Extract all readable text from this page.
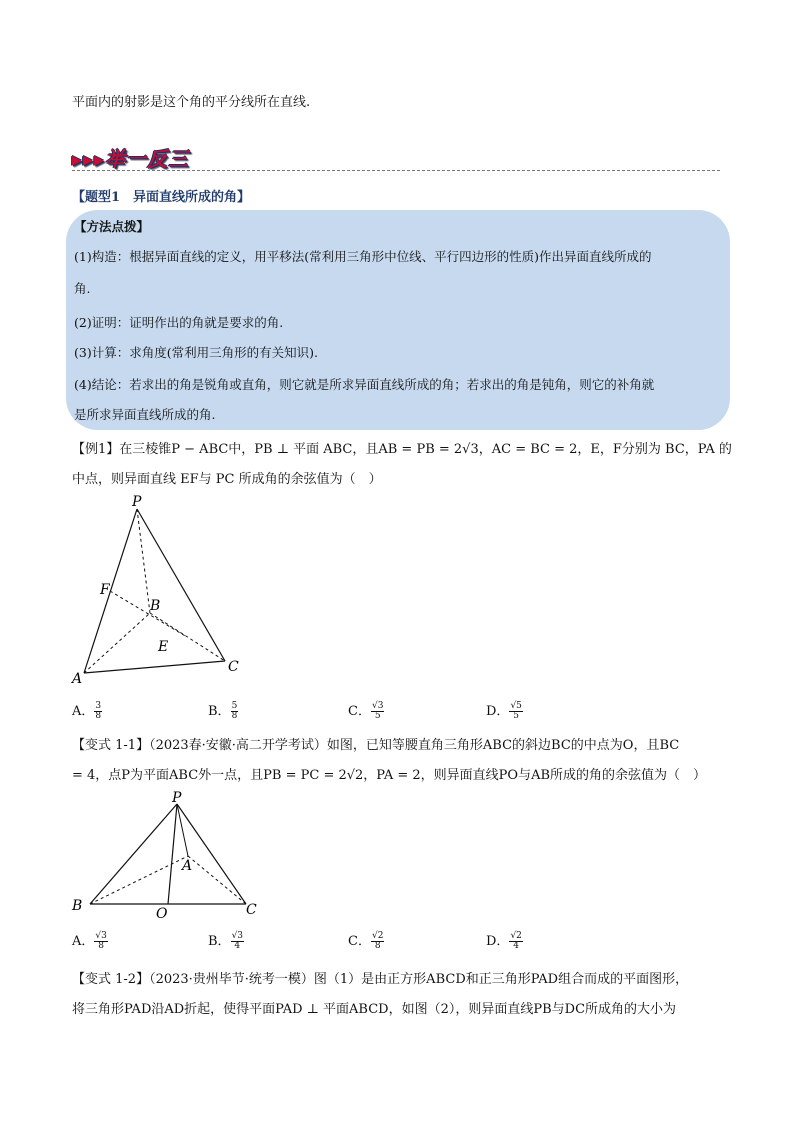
平面内的射影是这个角的平分线所在直线.
▸▸▸举一反三
【题型1　异面直线所成的角】
【方法点拨】
(1)构造：根据异面直线的定义，用平移法(常利用三角形中位线、平行四边形的性质)作出异面直线所成的
角.
(2)证明：证明作出的角就是要求的角.
(3)计算：求角度(常利用三角形的有关知识).
(4)结论：若求出的角是锐角或直角，则它就是所求异面直线所成的角；若求出的角是钝角，则它的补角就
是所求异面直线所成的角.
【例1】在三棱锥P − ABC中，PB ⊥ 平面 ABC，且AB = PB = 2√3，AC = BC = 2，E，F分别为 BC，PA 的
中点，则异面直线 EF与 PC 所成角的余弦值为（　）
P
F
B
E
A
C
A． $\frac{3}{8}$	B． $\frac{5}{8}$	C． $\frac{√3}{5}$	D． $\frac{√5}{5}$
【变式 1-1】（2023春·安徽·高二开学考试）如图，已知等腰直角三角形ABC的斜边BC的中点为O，且BC
= 4，点P为平面ABC外一点，且PB = PC = 2√2，PA = 2，则异面直线PO与AB所成的角的余弦值为（　）
P
A
B	O	C
A． $\frac{√3}{8}$	B． $\frac{√3}{4}$	C． $\frac{√2}{8}$	D． $\frac{√2}{4}$
【变式 1-2】（2023·贵州毕节·统考一模）图（1）是由正方形ABCD和正三角形PAD组合而成的平面图形，
将三角形PAD沿AD折起，使得平面PAD ⊥ 平面ABCD，如图（2），则异面直线PB与DC所成角的大小为
